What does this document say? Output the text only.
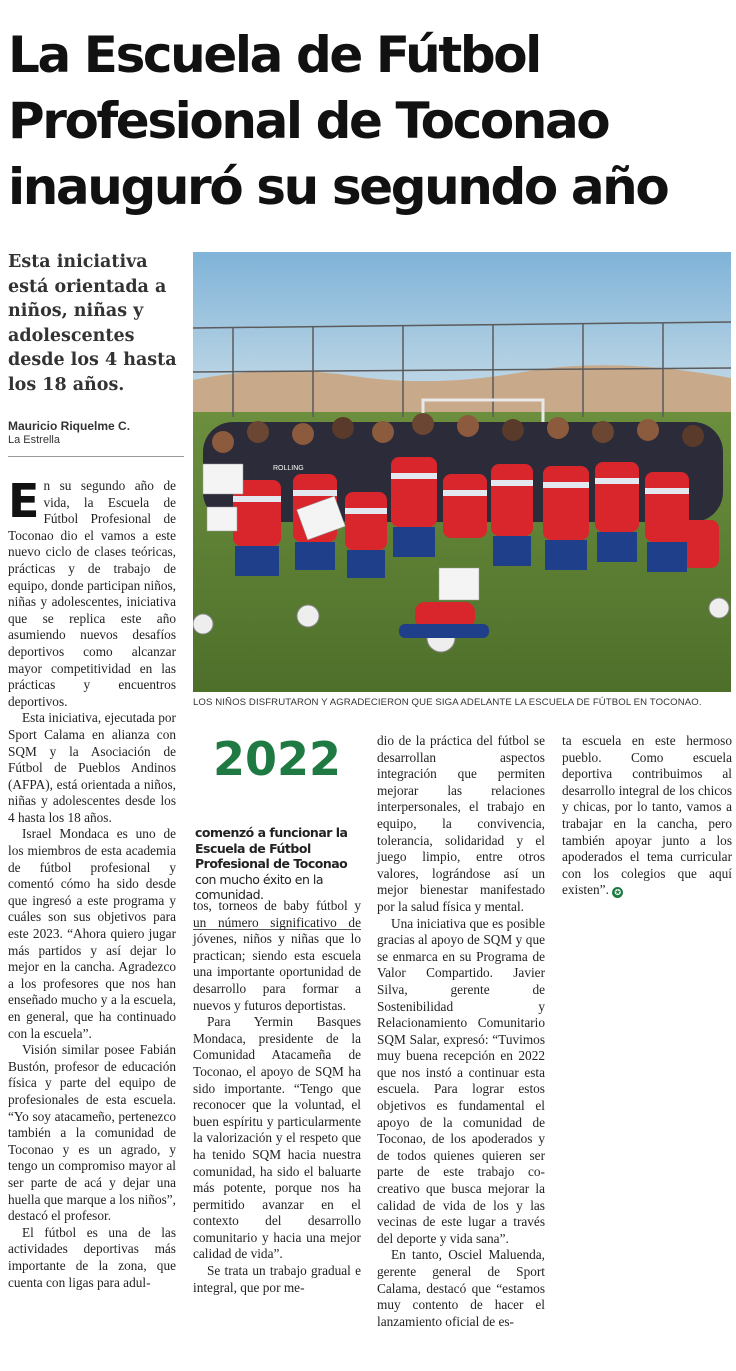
La Escuela de Fútbol Profesional de Toconao inauguró su segundo año

Esta iniciativa está orientada a niños, niñas y adolescentes desde los 4 hasta los 18 años.

Mauricio Riquelme C.
La Estrella
ROLLING
LOS NIÑOS DISFRUTARON Y AGRADECIERON QUE SIGA ADELANTE LA ESCUELA DE FÚTBOL EN TOCONAO.

En su segundo año de vida, la Escuela de Fútbol Profesional de Toconao dio el vamos a este nuevo ciclo de clases teóricas, prácticas y de trabajo de equipo, donde participan niños, niñas y adolescentes, iniciativa que se replica este año asumiendo nuevos desafíos deportivos como alcanzar mayor competitividad en las prácticas y encuentros deportivos.

Esta iniciativa, ejecutada por Sport Calama en alianza con SQM y la Asociación de Fútbol de Pueblos Andinos (AFPA), está orientada a niños, niñas y adolescentes desde los 4 hasta los 18 años.

Israel Mondaca es uno de los miembros de esta academia de fútbol profesional y comentó cómo ha sido desde que ingresó a este programa y cuáles son sus objetivos para este 2023. “Ahora quiero jugar más partidos y así dejar lo mejor en la cancha. Agradezco a los profesores que nos han enseñado mucho y a la escuela, en general, que ha continuado con la escuela”.

Visión similar posee Fabián Bustón, profesor de educación física y parte del equipo de profesionales de esta escuela. “Yo soy atacameño, pertenezco también a la comunidad de Toconao y es un agrado, y tengo un compromiso mayor al ser parte de acá y dejar una huella que marque a los niños”, destacó el profesor.

El fútbol es una de las actividades deportivas más importante de la zona, que cuenta con ligas para adul-

2022
comenzó a funcionar la Escuela de Fútbol Profesional de Toconao con mucho éxito en la comunidad.

tos, torneos de baby fútbol y un número significativo de jóvenes, niños y niñas que lo practican; siendo esta escuela una importante oportunidad de desarrollo para formar a nuevos y futuros deportistas.

Para Yermin Basques Mondaca, presidente de la Comunidad Atacameña de Toconao, el apoyo de SQM ha sido importante. “Tengo que reconocer que la voluntad, el buen espíritu y particularmente la valorización y el respeto que ha tenido SQM hacia nuestra comunidad, ha sido el baluarte más potente, porque nos ha permitido avanzar en el contexto del desarrollo comunitario y hacia una mejor calidad de vida”.

Se trata un trabajo gradual e integral, que por me-

dio de la práctica del fútbol se desarrollan aspectos integración que permiten mejorar las relaciones interpersonales, el trabajo en equipo, la convivencia, tolerancia, solidaridad y el juego limpio, entre otros valores, lográndose así un mejor bienestar manifestado por la salud física y mental.

Una iniciativa que es posible gracias al apoyo de SQM y que se enmarca en su Programa de Valor Compartido. Javier Silva, gerente de Sostenibilidad y Relacionamiento Comunitario SQM Salar, expresó: “Tuvimos muy buena recepción en 2022 que nos instó a continuar esta escuela. Para lograr estos objetivos es fundamental el apoyo de la comunidad de Toconao, de los apoderados y de todos quienes quieren ser parte de este trabajo co-creativo que busca mejorar la calidad de vida de los y las vecinas de este lugar a través del deporte y vida sana”.

En tanto, Osciel Maluenda, gerente general de Sport Calama, destacó que “estamos muy contento de hacer el lanzamiento oficial de es-

ta escuela en este hermoso pueblo. Como escuela deportiva contribuimos al desarrollo integral de los chicos y chicas, por lo tanto, vamos a trabajar en la cancha, pero también apoyar junto a los apoderados el tema curricular con los colegios que aquí existen”. ✪
